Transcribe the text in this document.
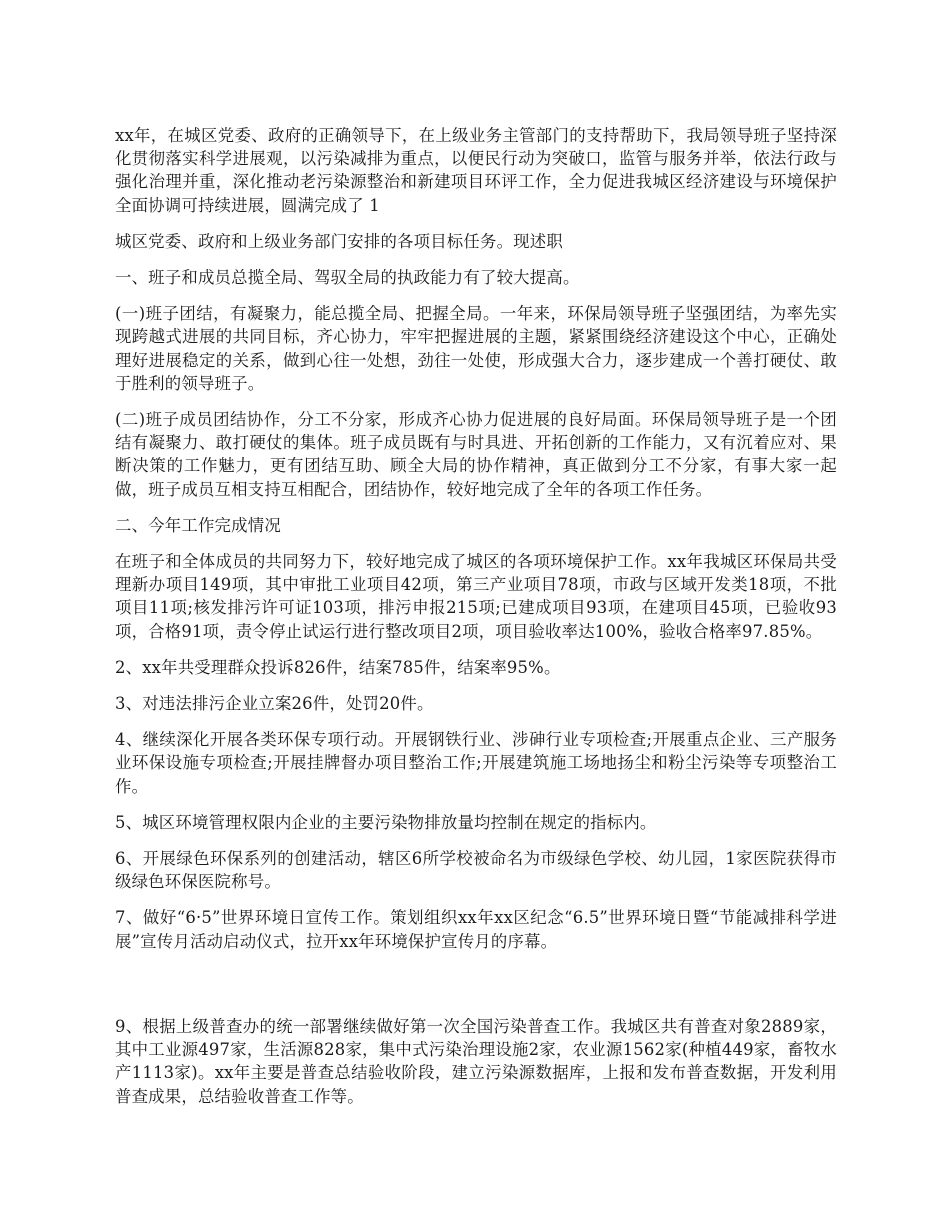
xx年，在城区党委、政府的正确领导下，在上级业务主管部门的支持帮助下，我局领导班子坚持深化贯彻落实科学进展观，以污染减排为重点，以便民行动为突破口，监管与服务并举，依法行政与强化治理并重，深化推动老污染源整治和新建项目环评工作，全力促进我城区经济建设与环境保护全面协调可持续进展，圆满完成了 1

城区党委、政府和上级业务部门安排的各项目标任务。现述职

一、班子和成员总揽全局、驾驭全局的执政能力有了较大提高。

(一)班子团结，有凝聚力，能总揽全局、把握全局。一年来，环保局领导班子坚强团结，为率先实现跨越式进展的共同目标，齐心协力，牢牢把握进展的主题，紧紧围绕经济建设这个中心，正确处理好进展稳定的关系，做到心往一处想，劲往一处使，形成强大合力，逐步建成一个善打硬仗、敢于胜利的领导班子。

(二)班子成员团结协作，分工不分家，形成齐心协力促进展的良好局面。环保局领导班子是一个团结有凝聚力、敢打硬仗的集体。班子成员既有与时具进、开拓创新的工作能力，又有沉着应对、果断决策的工作魅力，更有团结互助、顾全大局的协作精神，真正做到分工不分家，有事大家一起做，班子成员互相支持互相配合，团结协作，较好地完成了全年的各项工作任务。

二、今年工作完成情况

在班子和全体成员的共同努力下，较好地完成了城区的各项环境保护工作。xx年我城区环保局共受理新办项目149项，其中审批工业项目42项，第三产业项目78项，市政与区域开发类18项，不批项目11项;核发排污许可证103项，排污申报215项;已建成项目93项，在建项目45项，已验收93项，合格91项，责令停止试运行进行整改项目2项，项目验收率达100%，验收合格率97.85%。

2、xx年共受理群众投诉826件，结案785件，结案率95%。

3、对违法排污企业立案26件，处罚20件。

4、继续深化开展各类环保专项行动。开展钢铁行业、涉砷行业专项检查;开展重点企业、三产服务业环保设施专项检查;开展挂牌督办项目整治工作;开展建筑施工场地扬尘和粉尘污染等专项整治工作。

5、城区环境管理权限内企业的主要污染物排放量均控制在规定的指标内。

6、开展绿色环保系列的创建活动，辖区6所学校被命名为市级绿色学校、幼儿园，1家医院获得市级绿色环保医院称号。

7、做好“6·5”世界环境日宣传工作。策划组织xx年xx区纪念“6.5”世界环境日暨“节能减排科学进展”宣传月活动启动仪式，拉开xx年环境保护宣传月的序幕。

9、根据上级普查办的统一部署继续做好第一次全国污染普查工作。我城区共有普查对象2889家，其中工业源497家，生活源828家，集中式污染治理设施2家，农业源1562家(种植449家，畜牧水产1113家)。xx年主要是普查总结验收阶段，建立污染源数据库，上报和发布普查数据，开发利用普查成果，总结验收普查工作等。
